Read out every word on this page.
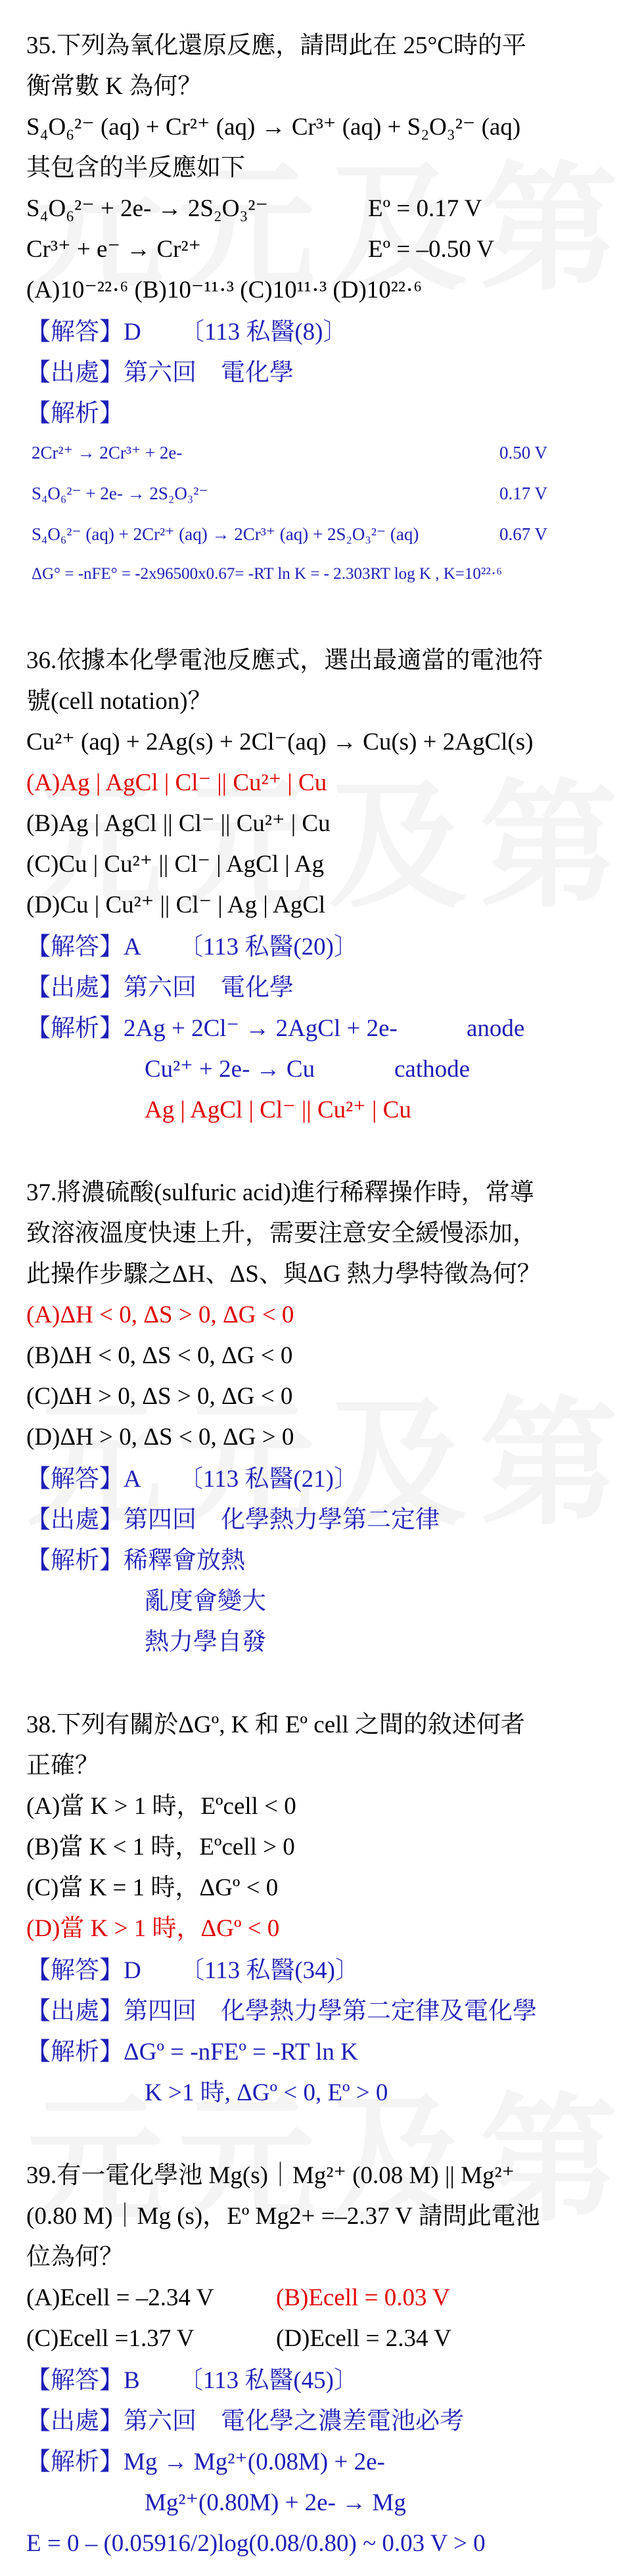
35.下列為氧化還原反應，請問此在 25°C時的平
衡常數 K 為何？
S₄O₆²⁻ (aq) + Cr²⁺ (aq) → Cr³⁺ (aq) + S₂O₃²⁻ (aq)
其包含的半反應如下
S₄O₆²⁻ + 2e- → 2S₂O₃²⁻	Eº = 0.17 V
Cr³⁺ + e⁻ → Cr²⁺	Eº = –0.50 V
(A)10⁻²²·⁶ (B)10⁻¹¹·³ (C)10¹¹·³ (D)10²²·⁶
【解答】D 〔113 私醫(8)〕
【出處】第六回　電化學
【解析】
2Cr²⁺ → 2Cr³⁺ + 2e-	0.50 V
S₄O₆²⁻ + 2e- → 2S₂O₃²⁻	0.17 V
S₄O₆²⁻ (aq) + 2Cr²⁺ (aq) → 2Cr³⁺ (aq) + 2S₂O₃²⁻ (aq)	0.67 V
ΔG° = -nFE° = -2x96500x0.67= -RT ln K = - 2.303RT log K , K=10²²·⁶
36.依據本化學電池反應式，選出最適當的電池符
號(cell notation)？
Cu²⁺ (aq) + 2Ag(s) + 2Cl⁻(aq) → Cu(s) + 2AgCl(s)
(A)Ag | AgCl | Cl⁻ || Cu²⁺ | Cu
(B)Ag | AgCl || Cl⁻ || Cu²⁺ | Cu
(C)Cu | Cu²⁺ || Cl⁻ | AgCl | Ag
(D)Cu | Cu²⁺ || Cl⁻ | Ag | AgCl
【解答】A 〔113 私醫(20)〕
【出處】第六回　電化學
【解析】2Ag + 2Cl⁻ → 2AgCl + 2e-	anode
Cu²⁺ + 2e- → Cu	cathode
Ag | AgCl | Cl⁻ || Cu²⁺ | Cu
37.將濃硫酸(sulfuric acid)進行稀釋操作時，常導
致溶液溫度快速上升，需要注意安全緩慢添加，
此操作步驟之ΔH、ΔS、與ΔG 熱力學特徵為何？
(A)ΔH < 0, ΔS > 0, ΔG < 0
(B)ΔH < 0, ΔS < 0, ΔG < 0
(C)ΔH > 0, ΔS > 0, ΔG < 0
(D)ΔH > 0, ΔS < 0, ΔG > 0
【解答】A 〔113 私醫(21)〕
【出處】第四回　化學熱力學第二定律
【解析】稀釋會放熱
亂度會變大
熱力學自發
38.下列有關於ΔGº, K 和 Eº cell 之間的敘述何者
正確？
(A)當 K > 1 時，Eºcell < 0
(B)當 K < 1 時，Eºcell > 0
(C)當 K = 1 時，ΔGº < 0
(D)當 K > 1 時，ΔGº < 0
【解答】D 〔113 私醫(34)〕
【出處】第四回　化學熱力學第二定律及電化學
【解析】ΔGº = -nFEº = -RT ln K
K >1 時, ΔGº < 0, Eº > 0
39.有一電化學池 Mg(s)｜Mg²⁺ (0.08 M) || Mg²⁺
(0.80 M)｜Mg (s)，Eº Mg2+ =–2.37 V 請問此電池
位為何？
(A)Ecell = –2.34 V	(B)Ecell = 0.03 V
(C)Ecell =1.37 V	(D)Ecell = 2.34 V
【解答】B 〔113 私醫(45)〕
【出處】第六回　電化學之濃差電池必考
【解析】Mg → Mg²⁺(0.08M) + 2e-
Mg²⁺(0.80M) + 2e- → Mg
E = 0 – (0.05916/2)log(0.08/0.80) ~ 0.03 V > 0
